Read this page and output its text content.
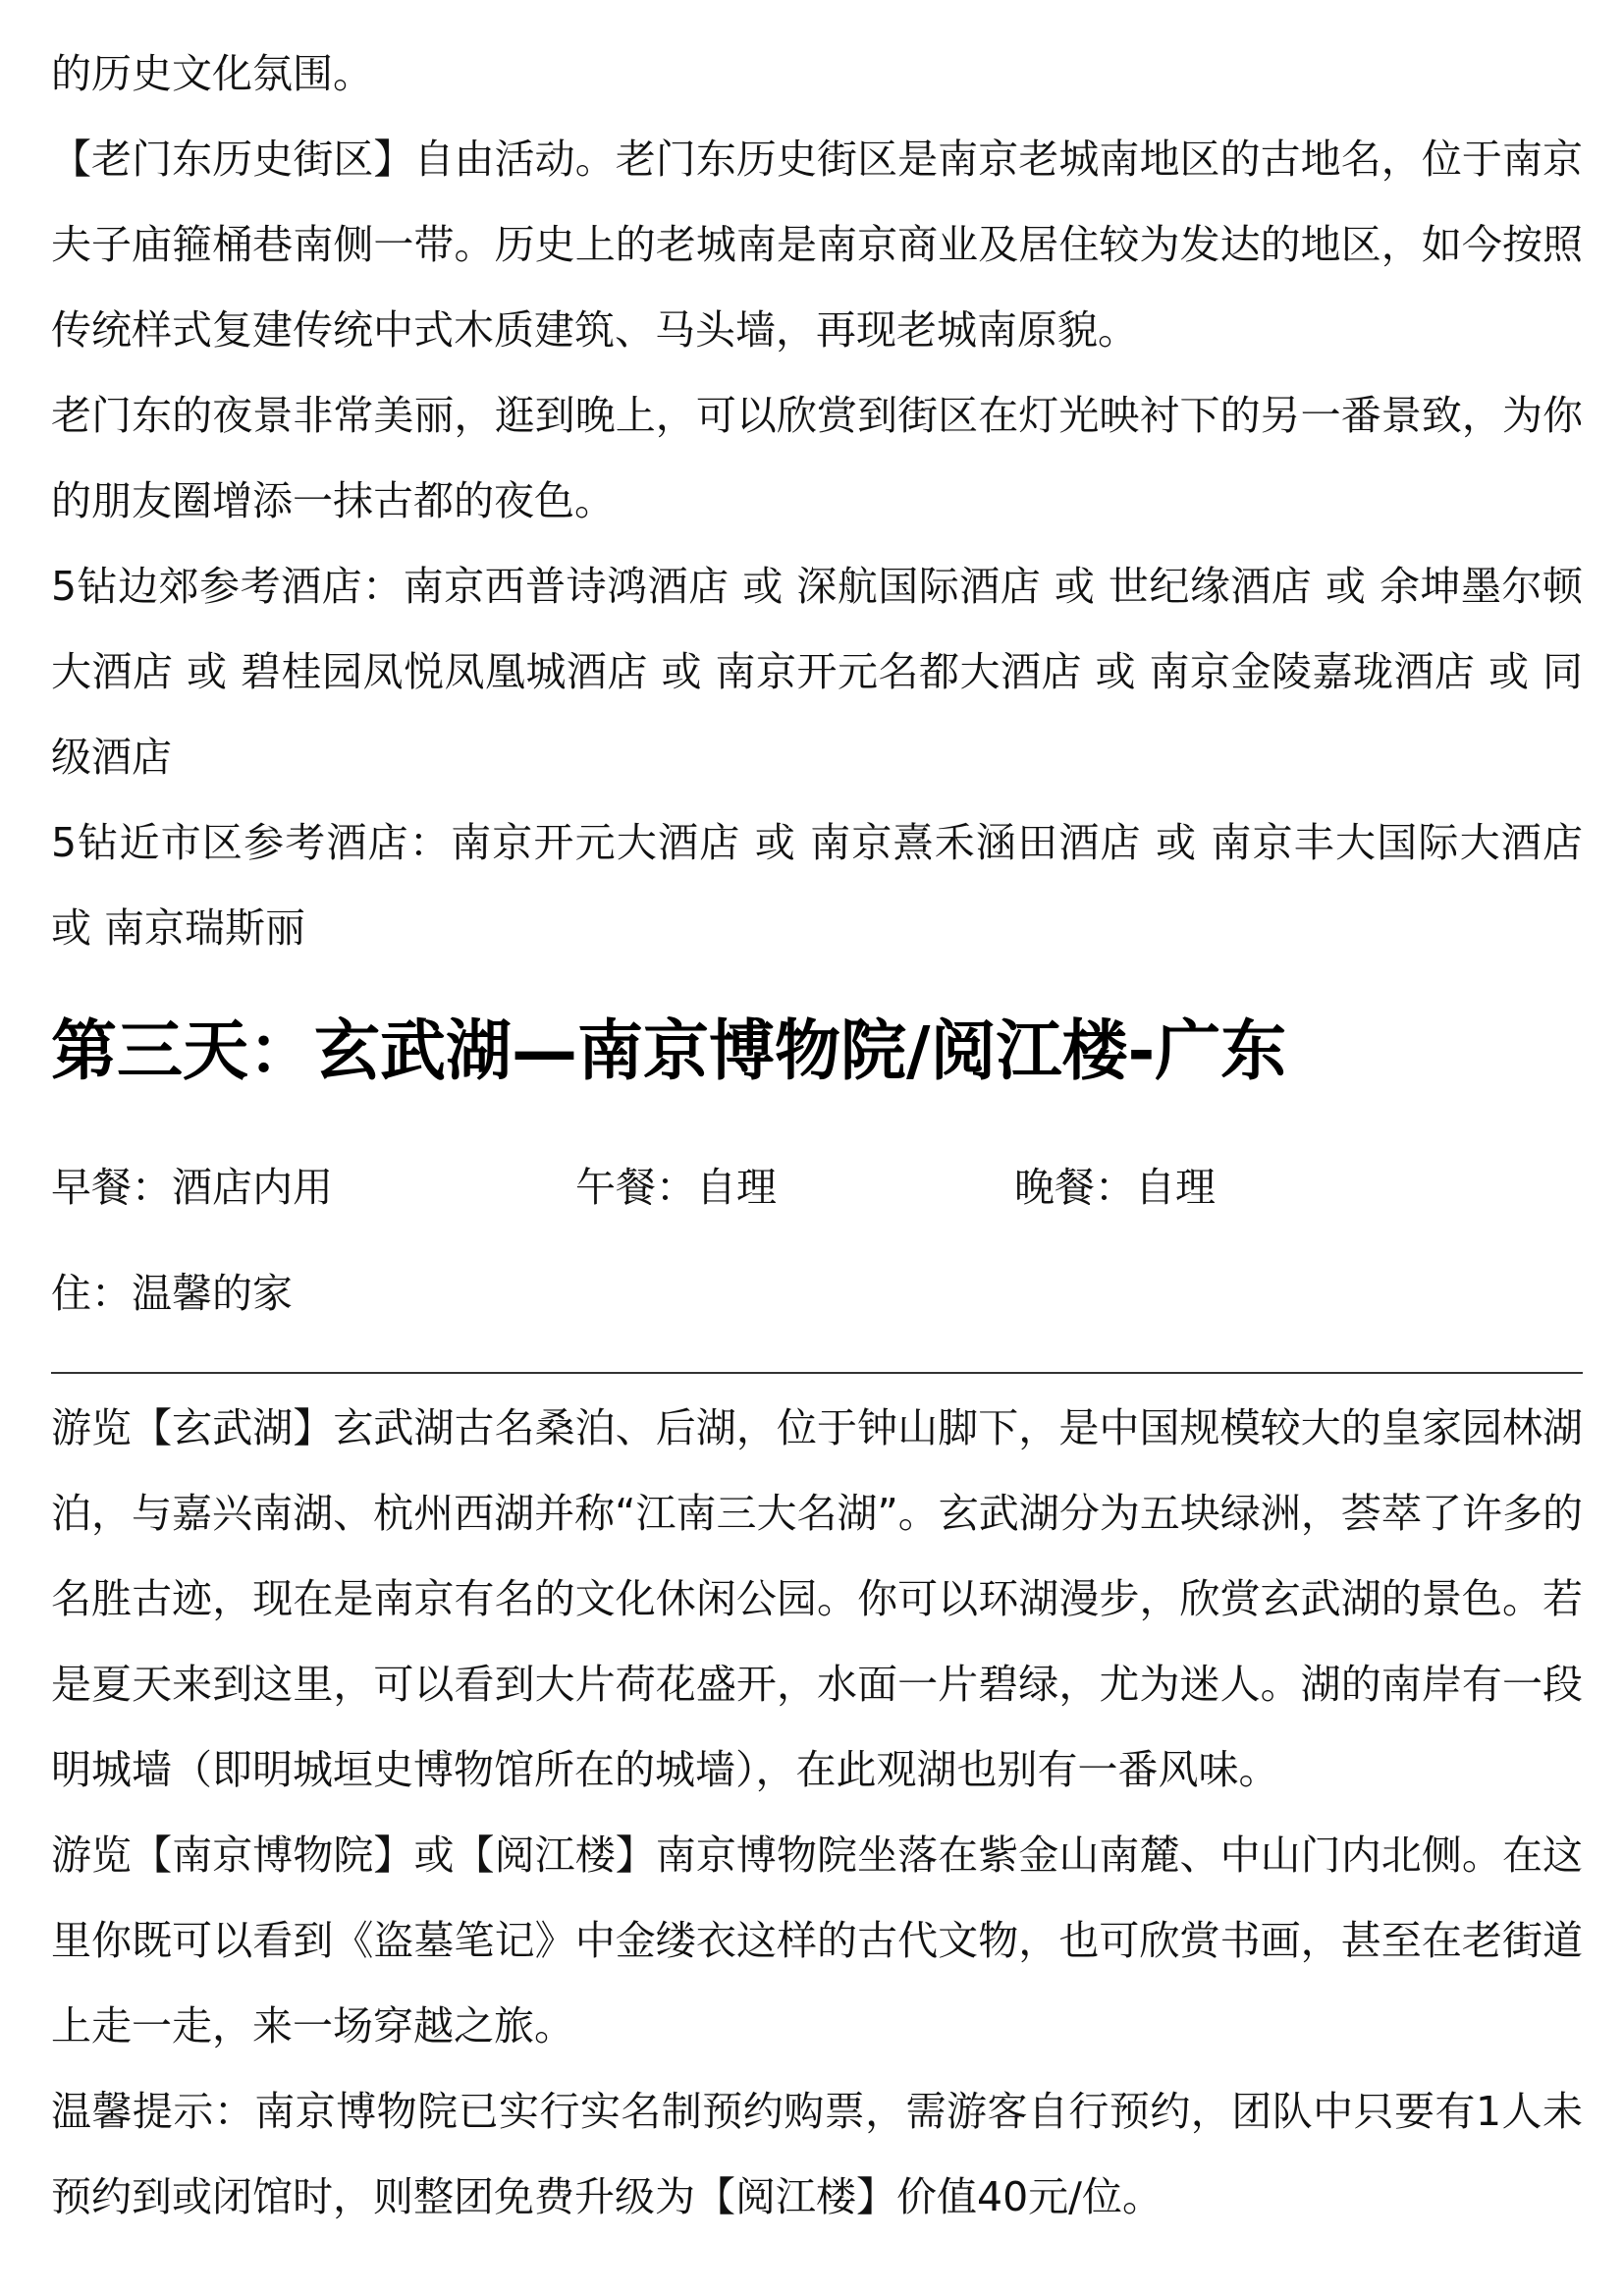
的历史文化氛围。

【老门东历史街区】自由活动。老门东历史街区是南京老城南地区的古地名，位于南京夫子庙箍桶巷南侧一带。历史上的老城南是南京商业及居住较为发达的地区，如今按照传统样式复建传统中式木质建筑、马头墙，再现老城南原貌。

老门东的夜景非常美丽，逛到晚上，可以欣赏到街区在灯光映衬下的另一番景致，为你的朋友圈增添一抹古都的夜色。

5钻边郊参考酒店：南京西普诗鸿酒店 或 深航国际酒店 或 世纪缘酒店 或 余坤墨尔顿大酒店 或 碧桂园凤悦凤凰城酒店 或 南京开元名都大酒店 或 南京金陵嘉珑酒店 或 同级酒店

5钻近市区参考酒店：南京开元大酒店 或 南京熹禾涵田酒店 或 南京丰大国际大酒店 或 南京瑞斯丽

第三天：玄武湖—南京博物院/阅江楼-广东
早餐：酒店内用	午餐：自理	晚餐：自理
住：温馨的家

游览【玄武湖】玄武湖古名桑泊、后湖，位于钟山脚下，是中国规模较大的皇家园林湖泊，与嘉兴南湖、杭州西湖并称“江南三大名湖”。玄武湖分为五块绿洲，荟萃了许多的名胜古迹，现在是南京有名的文化休闲公园。你可以环湖漫步，欣赏玄武湖的景色。若是夏天来到这里，可以看到大片荷花盛开，水面一片碧绿，尤为迷人。湖的南岸有一段明城墙（即明城垣史博物馆所在的城墙），在此观湖也别有一番风味。

游览【南京博物院】或【阅江楼】南京博物院坐落在紫金山南麓、中山门内北侧。在这里你既可以看到《盗墓笔记》中金缕衣这样的古代文物，也可欣赏书画，甚至在老街道上走一走，来一场穿越之旅。

温馨提示：南京博物院已实行实名制预约购票，需游客自行预约，团队中只要有1人未预约到或闭馆时，则整团免费升级为【阅江楼】价值40元/位。
